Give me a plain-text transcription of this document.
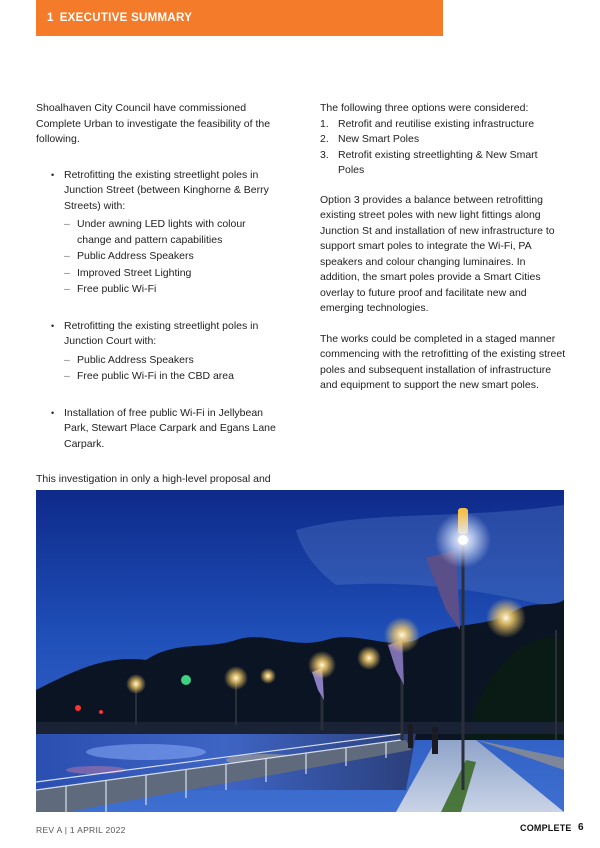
1 EXECUTIVE SUMMARY

Shoalhaven City Council have commissioned Complete Urban to investigate the feasibility of the following.

• Retrofitting the existing streetlight poles in Junction Street (between Kinghorne & Berry Streets) with:
– Under awning LED lights with colour change and pattern capabilities
– Public Address Speakers
– Improved Street Lighting
– Free public Wi-Fi
• Retrofitting the existing streetlight poles in Junction Court with:
– Public Address Speakers
– Free public Wi-Fi in the CBD area
• Installation of free public Wi-Fi in Jellybean Park, Stewart Place Carpark and Egans Lane Carpark.

This investigation in only a high-level proposal and

The following three options were considered:

1. Retrofit and reutilise existing infrastructure
2. New Smart Poles
3. Retrofit existing streetlighting & New Smart Poles

Option 3 provides a balance between retrofitting existing street poles with new light fittings along Junction St and installation of new infrastructure to support smart poles to integrate the Wi-Fi, PA speakers and colour changing luminaires. In addition, the smart poles provide a Smart Cities overlay to future proof and facilitate new and emerging technologies.

The works could be completed in a staged manner commencing with the retrofitting of the existing street poles and subsequent installation of infrastructure and equipment to support the new smart poles.

REV A | 1 APRIL 2022	COMPLETE 6
